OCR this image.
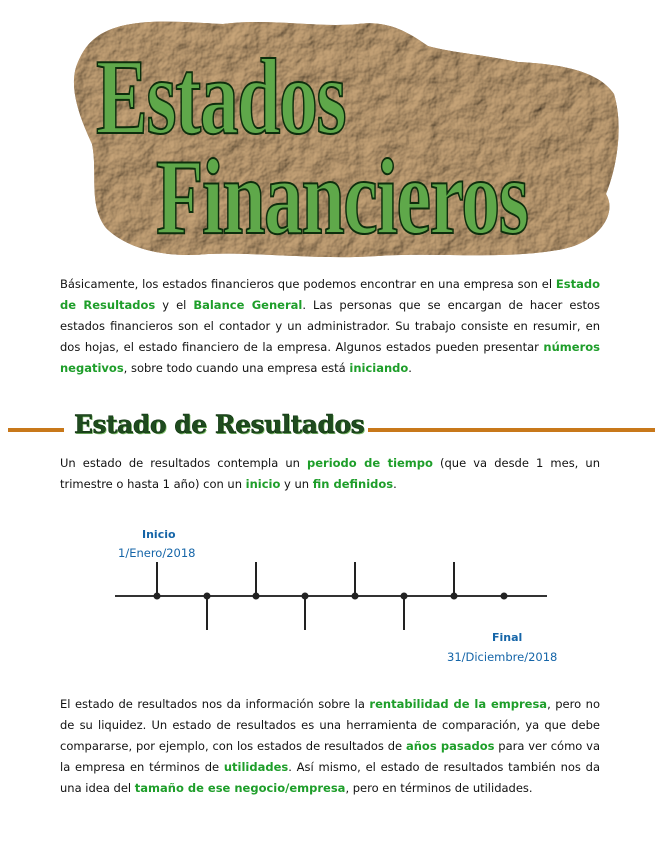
Estados
Financieros
Básicamente, los estados financieros que podemos encontrar en una empresa son el Estado de Resultados y el Balance General. Las personas que se encargan de hacer estos estados financieros son el contador y un administrador. Su trabajo consiste en resumir, en dos hojas, el estado financiero de la empresa. Algunos estados pueden presentar números negativos, sobre todo cuando una empresa está iniciando.
Estado de Resultados
Un estado de resultados contempla un periodo de tiempo (que va desde 1 mes, un trimestre o hasta 1 año) con un inicio y un fin definidos.
Inicio
1/Enero/2018
Final
31/Diciembre/2018
El estado de resultados nos da información sobre la rentabilidad de la empresa, pero no de su liquidez. Un estado de resultados es una herramienta de comparación, ya que debe compararse, por ejemplo, con los estados de resultados de años pasados para ver cómo va la empresa en términos de utilidades. Así mismo, el estado de resultados también nos da una idea del tamaño de ese negocio/empresa, pero en términos de utilidades.
